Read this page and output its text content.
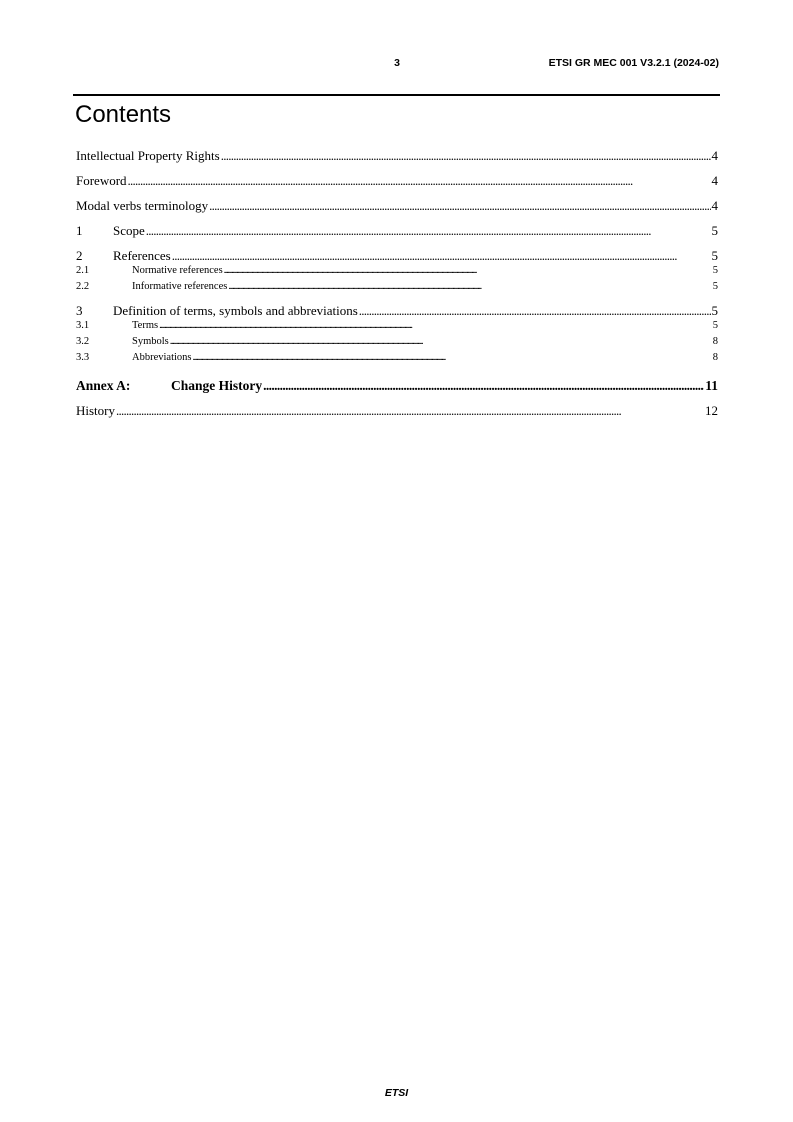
3	ETSI GR MEC 001 V3.2.1 (2024-02)
Contents
Intellectual Property Rights . . .	4
Foreword . . .	4
Modal verbs terminology . . .	4
1	Scope . . .	5
2	References . . .	5
2.1	Normative references . . .	5
2.2	Informative references . . .	5
3	Definition of terms, symbols and abbreviations . . .	5
3.1	Terms . . .	5
3.2	Symbols . . .	8
3.3	Abbreviations . . .	8
Annex A:	Change History . . .	11
History . . .	12
ETSI
